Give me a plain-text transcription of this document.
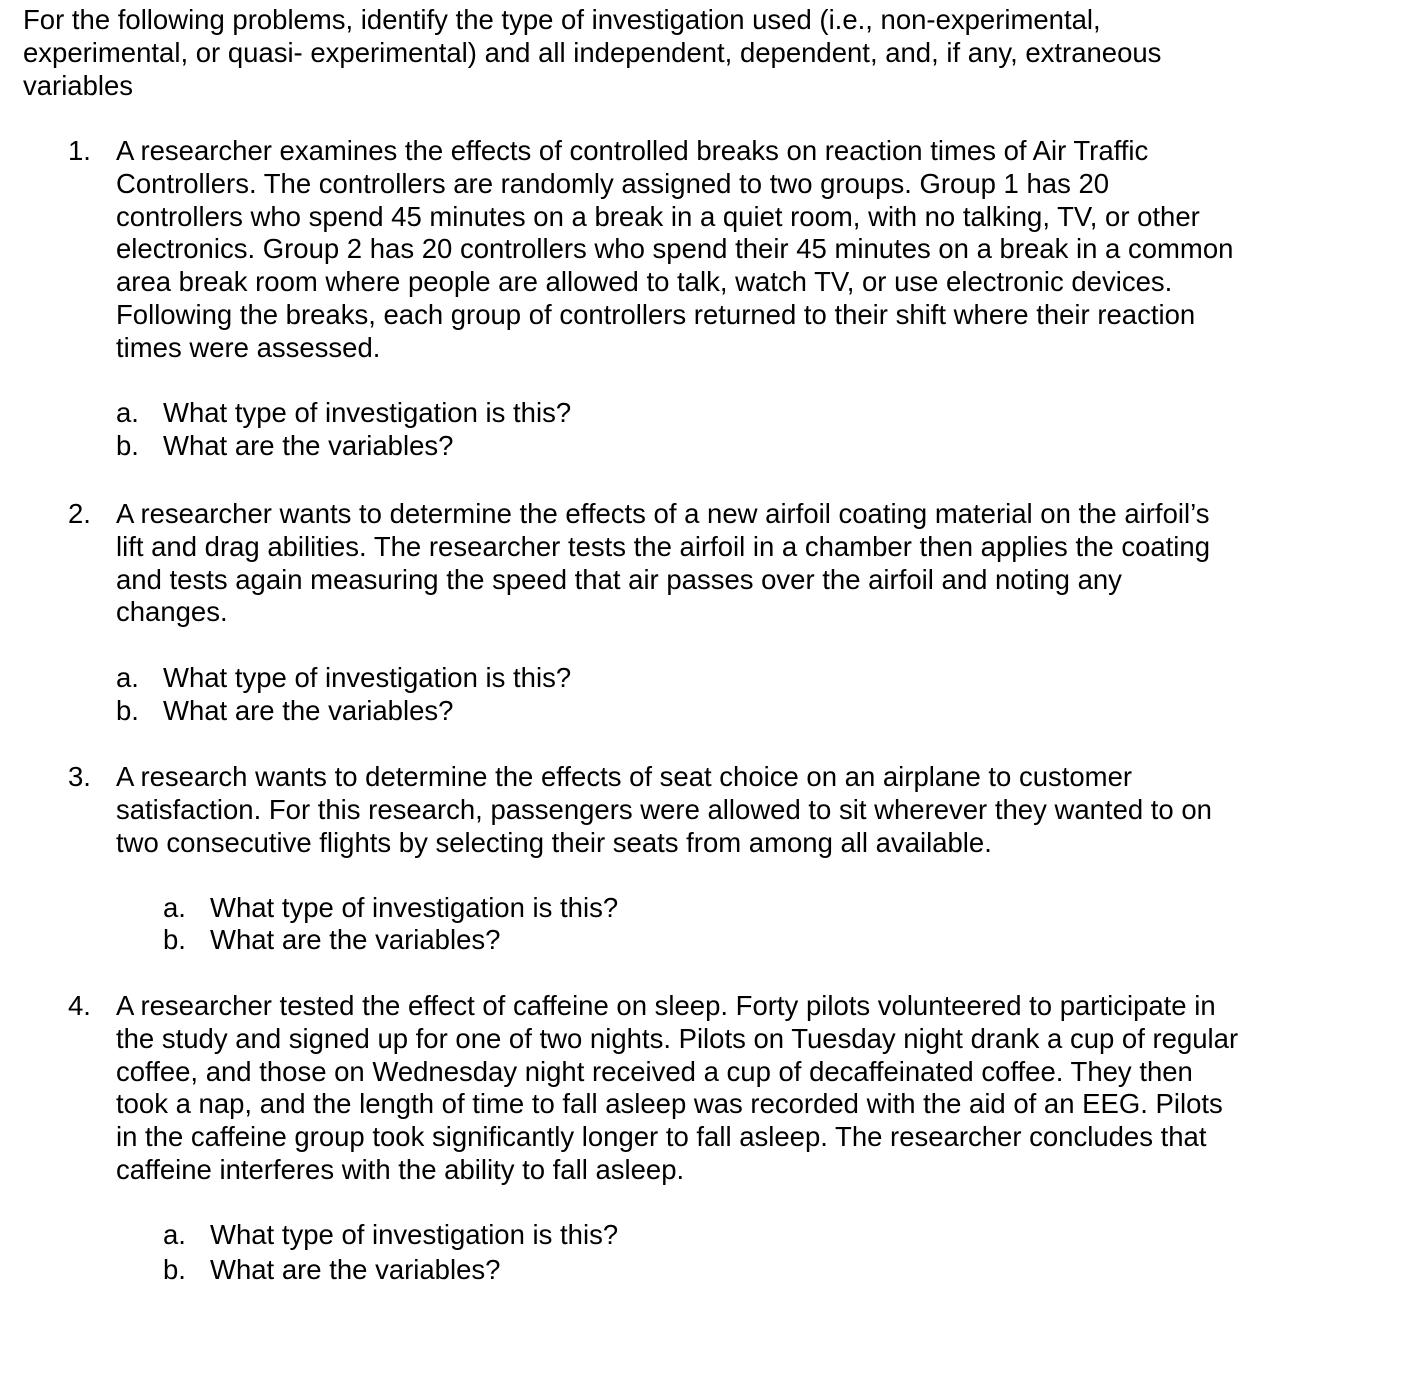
For the following problems, identify the type of investigation used (i.e., non-experimental, experimental, or quasi- experimental) and all independent, dependent, and, if any, extraneous variables

1. A researcher examines the effects of controlled breaks on reaction times of Air Traffic Controllers. The controllers are randomly assigned to two groups. Group 1 has 20 controllers who spend 45 minutes on a break in a quiet room, with no talking, TV, or other electronics. Group 2 has 20 controllers who spend their 45 minutes on a break in a common area break room where people are allowed to talk, watch TV, or use electronic devices. Following the breaks, each group of controllers returned to their shift where their reaction times were assessed.

a. What type of investigation is this?
b. What are the variables?
2. A researcher wants to determine the effects of a new airfoil coating material on the airfoil’s lift and drag abilities. The researcher tests the airfoil in a chamber then applies the coating and tests again measuring the speed that air passes over the airfoil and noting any changes.

a. What type of investigation is this?
b. What are the variables?
3. A research wants to determine the effects of seat choice on an airplane to customer satisfaction. For this research, passengers were allowed to sit wherever they wanted to on two consecutive flights by selecting their seats from among all available.

a. What type of investigation is this?
b. What are the variables?
4. A researcher tested the effect of caffeine on sleep. Forty pilots volunteered to participate in the study and signed up for one of two nights. Pilots on Tuesday night drank a cup of regular coffee, and those on Wednesday night received a cup of decaffeinated coffee. They then took a nap, and the length of time to fall asleep was recorded with the aid of an EEG. Pilots in the caffeine group took significantly longer to fall asleep. The researcher concludes that caffeine interferes with the ability to fall asleep.

a. What type of investigation is this?
b. What are the variables?
